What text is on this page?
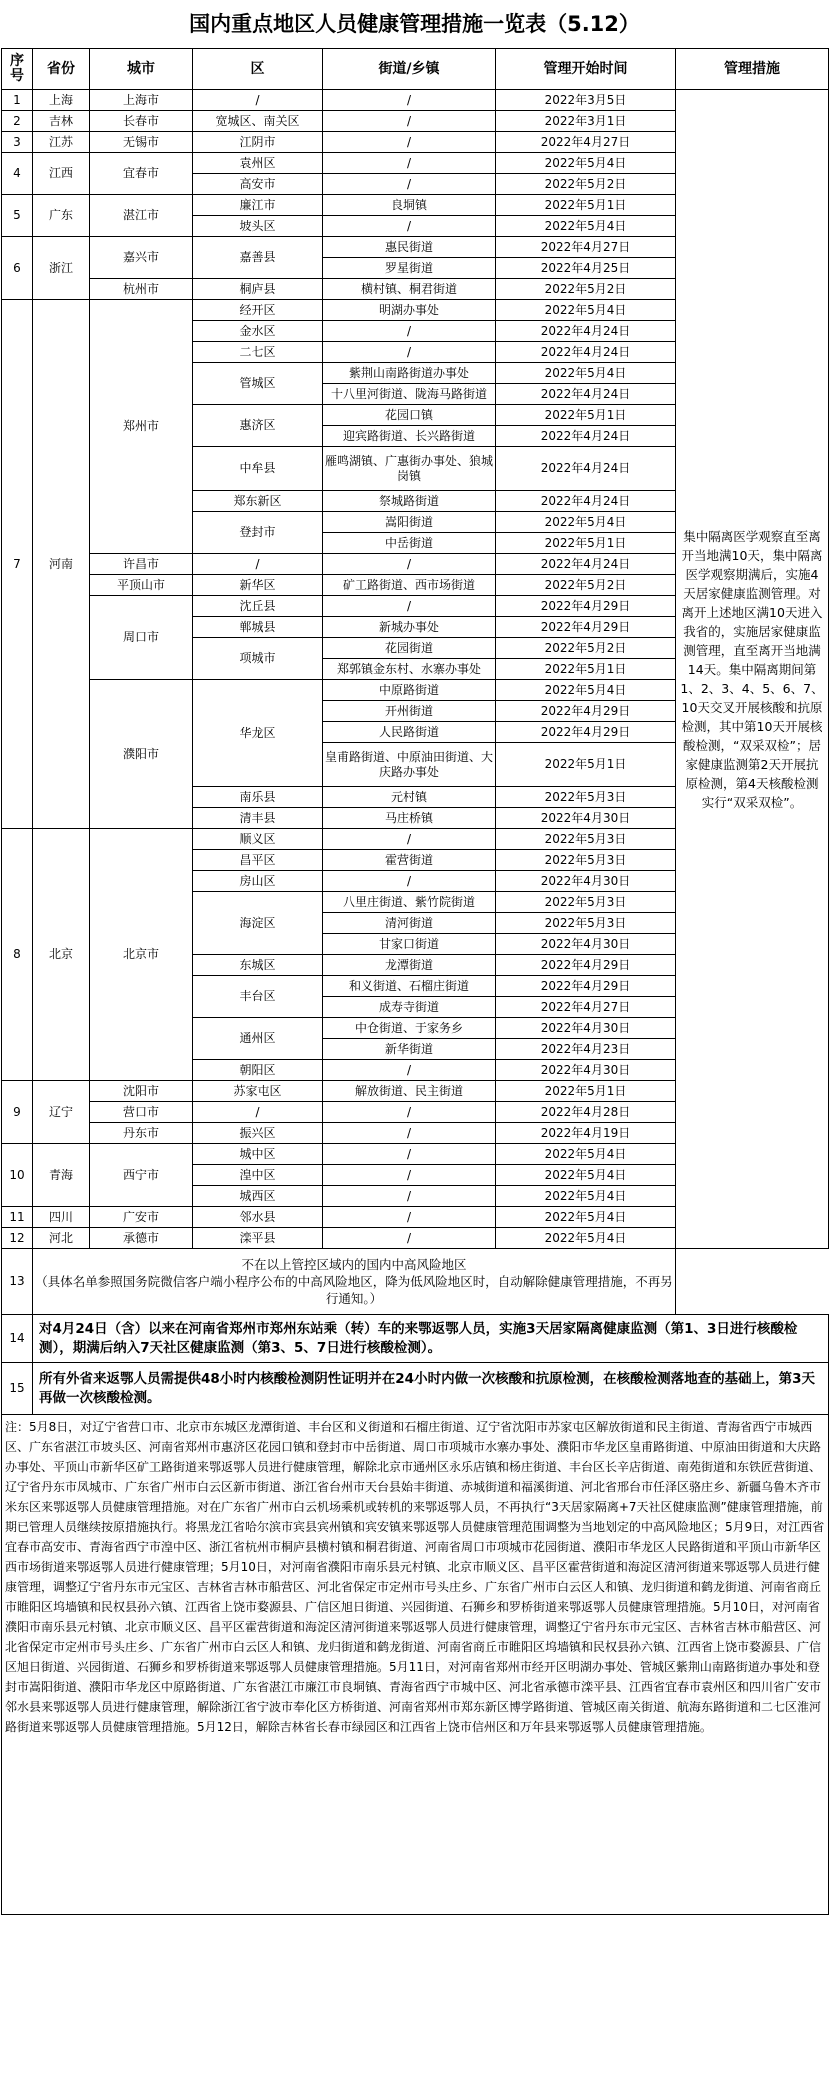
国内重点地区人员健康管理措施一览表（5.12）
序号	省份	城市	区	街道/乡镇	管理开始时间	管理措施
1	上海	上海市	/	/	2022年3月5日	集中隔离医学观察直至离开当地满10天，集中隔离医学观察期满后，实施4天居家健康监测管理。对离开上述地区满10天进入我省的，实施居家健康监测管理，直至离开当地满14天。集中隔离期间第1、2、3、4、5、6、7、10天交叉开展核酸和抗原检测，其中第10天开展核酸检测，“双采双检”；居家健康监测第2天开展抗原检测，第4天核酸检测实行“双采双检”。
2	吉林	长春市	宽城区、南关区	/	2022年3月1日	
3	江苏	无锡市	江阴市	/	2022年4月27日	
4	江西	宜春市	袁州区	/	2022年5月4日	
			高安市	/	2022年5月2日	
5	广东	湛江市	廉江市	良垌镇	2022年5月1日	
			坡头区	/	2022年5月4日	
6	浙江	嘉兴市	嘉善县	惠民街道	2022年4月27日	
				罗星街道	2022年4月25日	
		杭州市	桐庐县	横村镇、桐君街道	2022年5月2日	
7	河南	郑州市	经开区	明湖办事处	2022年5月4日	
			金水区	/	2022年4月24日	
			二七区	/	2022年4月24日	
			管城区	紫荆山南路街道办事处	2022年5月4日	
				十八里河街道、陇海马路街道	2022年4月24日	
			惠济区	花园口镇	2022年5月1日	
				迎宾路街道、长兴路街道	2022年4月24日	
			中牟县	雁鸣湖镇、广惠街办事处、狼城岗镇	2022年4月24日	
			郑东新区	祭城路街道	2022年4月24日	
			登封市	嵩阳街道	2022年5月4日	
				中岳街道	2022年5月1日	
		许昌市	/	/	2022年4月24日	
		平顶山市	新华区	矿工路街道、西市场街道	2022年5月2日	
		周口市	沈丘县	/	2022年4月29日	
			郸城县	新城办事处	2022年4月29日	
			项城市	花园街道	2022年5月2日	
				郑郭镇金东村、水寨办事处	2022年5月1日	
		濮阳市	华龙区	中原路街道	2022年5月4日	
				开州街道	2022年4月29日	
				人民路街道	2022年4月29日	
				皇甫路街道、中原油田街道、大庆路办事处	2022年5月1日	
			南乐县	元村镇	2022年5月3日	
			清丰县	马庄桥镇	2022年4月30日	
8	北京	北京市	顺义区	/	2022年5月3日	
			昌平区	霍营街道	2022年5月3日	
			房山区	/	2022年4月30日	
			海淀区	八里庄街道、紫竹院街道	2022年5月3日	
				清河街道	2022年5月3日	
				甘家口街道	2022年4月30日	
			东城区	龙潭街道	2022年4月29日	
			丰台区	和义街道、石榴庄街道	2022年4月29日	
				成寿寺街道	2022年4月27日	
			通州区	中仓街道、于家务乡	2022年4月30日	
				新华街道	2022年4月23日	
			朝阳区	/	2022年4月30日	
9	辽宁	沈阳市	苏家屯区	解放街道、民主街道	2022年5月1日	
		营口市	/	/	2022年4月28日	
		丹东市	振兴区	/	2022年4月19日	
10	青海	西宁市	城中区	/	2022年5月4日	
			湟中区	/	2022年5月4日	
			城西区	/	2022年5月4日	
11	四川	广安市	邻水县	/	2022年5月4日	
12	河北	承德市	滦平县	/	2022年5月4日	
13	不在以上管控区域内的国内中高风险地区
（具体名单参照国务院微信客户端小程序公布的中高风险地区，降为低风险地区时，自动解除健康管理措施，不再另行通知。）					

14	对4月24日（含）以来在河南省郑州市郑州东站乘（转）车的来鄂返鄂人员，实施3天居家隔离健康监测（第1、3日进行核酸检测），期满后纳入7天社区健康监测（第3、5、7日进行核酸检测）。					
15	所有外省来返鄂人员需提供48小时内核酸检测阴性证明并在24小时内做一次核酸和抗原检测，在核酸检测落地查的基础上，第3天再做一次核酸检测。					
注：5月8日，对辽宁省营口市、北京市东城区龙潭街道、丰台区和义街道和石榴庄街道、辽宁省沈阳市苏家屯区解放街道和民主街道、青海省西宁市城西区、广东省湛江市坡头区、河南省郑州市惠济区花园口镇和登封市中岳街道、周口市项城市水寨办事处、濮阳市华龙区皇甫路街道、中原油田街道和大庆路办事处、平顶山市新华区矿工路街道来鄂返鄂人员进行健康管理，解除北京市通州区永乐店镇和杨庄街道、丰台区长辛店街道、南苑街道和东铁匠营街道、辽宁省丹东市凤城市、广东省广州市白云区新市街道、浙江省台州市天台县始丰街道、赤城街道和福溪街道、河北省邢台市任泽区骆庄乡、新疆乌鲁木齐市米东区来鄂返鄂人员健康管理措施。对在广东省广州市白云机场乘机或转机的来鄂返鄂人员，不再执行“3天居家隔离+7天社区健康监测”健康管理措施，前期已管理人员继续按原措施执行。将黑龙江省哈尔滨市宾县宾州镇和宾安镇来鄂返鄂人员健康管理范围调整为当地划定的中高风险地区；5月9日，对江西省宜春市高安市、青海省西宁市湟中区、浙江省杭州市桐庐县横村镇和桐君街道、河南省周口市项城市花园街道、濮阳市华龙区人民路街道和平顶山市新华区西市场街道来鄂返鄂人员进行健康管理；5月10日，对河南省濮阳市南乐县元村镇、北京市顺义区、昌平区霍营街道和海淀区清河街道来鄂返鄂人员进行健康管理，调整辽宁省丹东市元宝区、吉林省吉林市船营区、河北省保定市定州市号头庄乡、广东省广州市白云区人和镇、龙归街道和鹤龙街道、河南省商丘市睢阳区坞墙镇和民权县孙六镇、江西省上饶市婺源县、广信区旭日街道、兴园街道、石狮乡和罗桥街道来鄂返鄂人员健康管理措施。5月10日，对河南省濮阳市南乐县元村镇、北京市顺义区、昌平区霍营街道和海淀区清河街道来鄂返鄂人员进行健康管理，调整辽宁省丹东市元宝区、吉林省吉林市船营区、河北省保定市定州市号头庄乡、广东省广州市白云区人和镇、龙归街道和鹤龙街道、河南省商丘市睢阳区坞墙镇和民权县孙六镇、江西省上饶市婺源县、广信区旭日街道、兴园街道、石狮乡和罗桥街道来鄂返鄂人员健康管理措施。5月11日，对河南省郑州市经开区明湖办事处、管城区紫荆山南路街道办事处和登封市嵩阳街道、濮阳市华龙区中原路街道、广东省湛江市廉江市良垌镇、青海省西宁市城中区、河北省承德市滦平县、江西省宜春市袁州区和四川省广安市邻水县来鄂返鄂人员进行健康管理，解除浙江省宁波市奉化区方桥街道、河南省郑州市郑东新区博学路街道、管城区南关街道、航海东路街道和二七区淮河路街道来鄂返鄂人员健康管理措施。5月12日，解除吉林省长春市绿园区和江西省上饶市信州区和万年县来鄂返鄂人员健康管理措施。						
